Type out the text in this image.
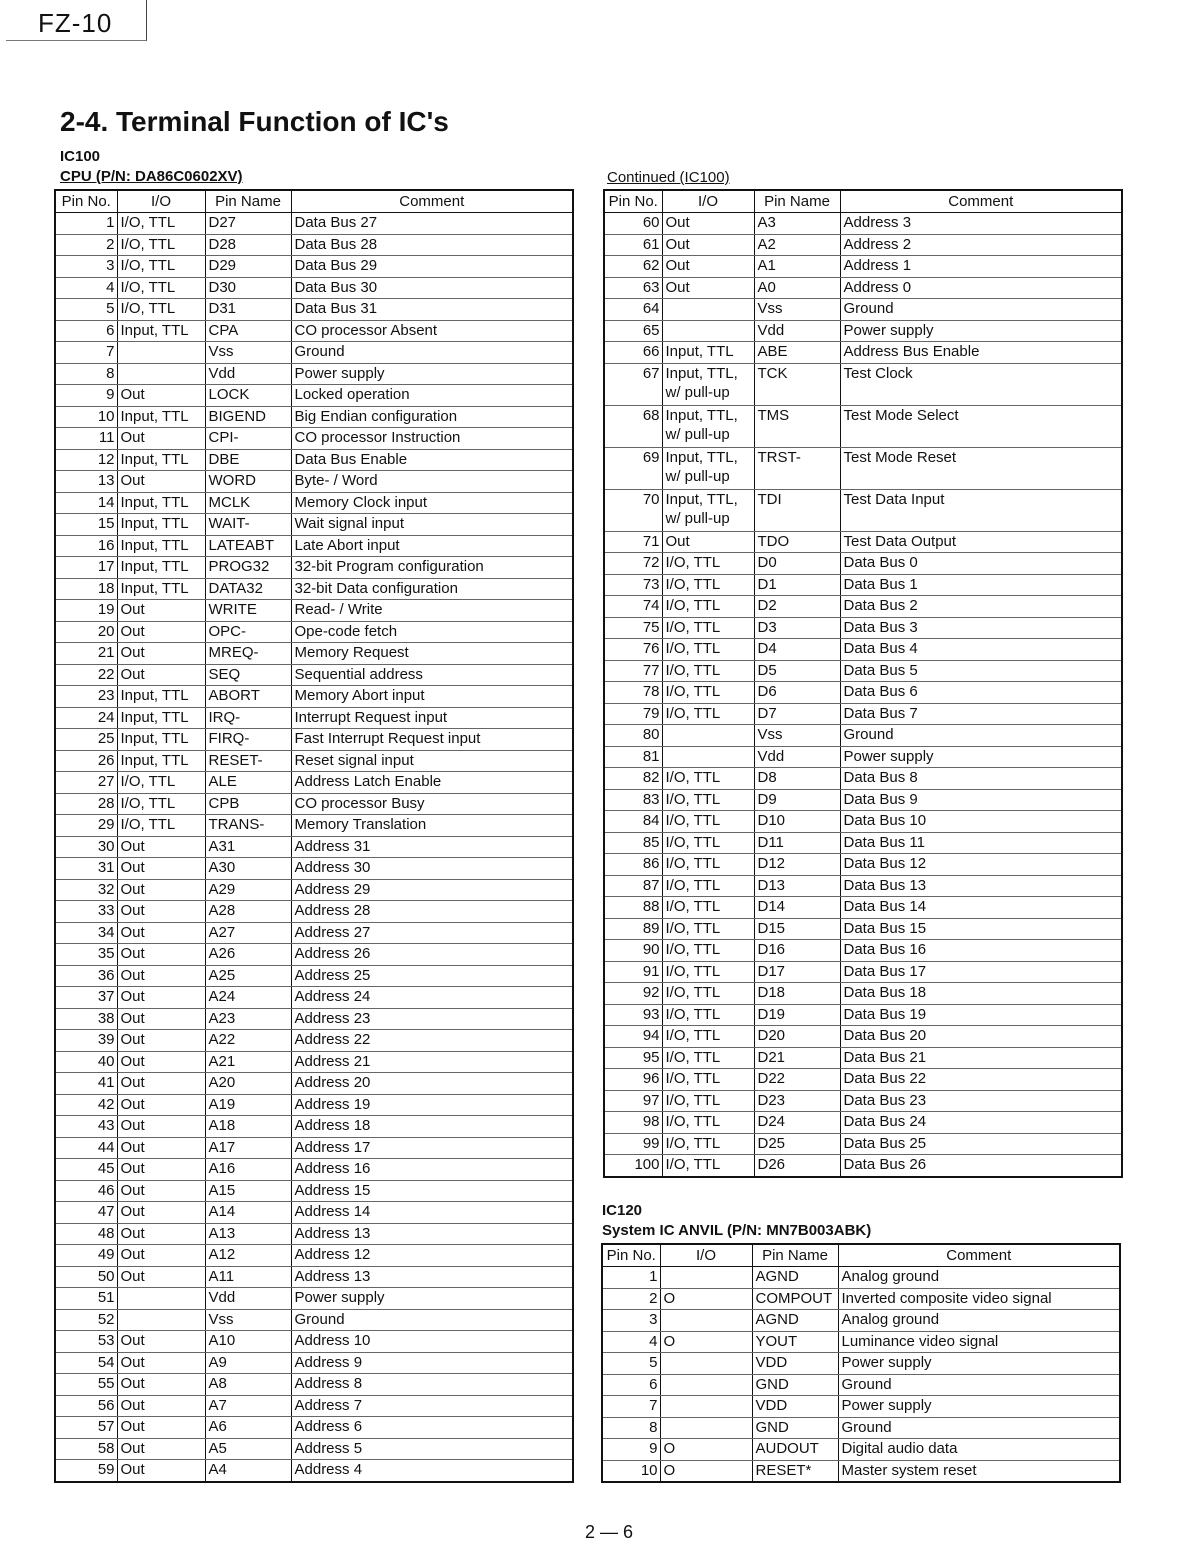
FZ-10
2-4. Terminal Function of IC's
IC100
CPU (P/N: DA86C0602XV)	Continued (IC100)
Pin No.	I/O	Pin Name	Comment
1	I/O, TTL	D27	Data Bus 27
2	I/O, TTL	D28	Data Bus 28
3	I/O, TTL	D29	Data Bus 29
4	I/O, TTL	D30	Data Bus 30
5	I/O, TTL	D31	Data Bus 31
6	Input, TTL	CPA	CO processor Absent
7		Vss	Ground
8		Vdd	Power supply
9	Out	LOCK	Locked operation
10	Input, TTL	BIGEND	Big Endian configuration
11	Out	CPI-	CO processor Instruction
12	Input, TTL	DBE	Data Bus Enable
13	Out	WORD	Byte- / Word
14	Input, TTL	MCLK	Memory Clock input
15	Input, TTL	WAIT-	Wait signal input
16	Input, TTL	LATEABT	Late Abort input
17	Input, TTL	PROG32	32-bit Program configuration
18	Input, TTL	DATA32	32-bit Data configuration
19	Out	WRITE	Read- / Write
20	Out	OPC-	Ope-code fetch
21	Out	MREQ-	Memory Request
22	Out	SEQ	Sequential address
23	Input, TTL	ABORT	Memory Abort input
24	Input, TTL	IRQ-	Interrupt Request input
25	Input, TTL	FIRQ-	Fast Interrupt Request input
26	Input, TTL	RESET-	Reset signal input
27	I/O, TTL	ALE	Address Latch Enable
28	I/O, TTL	CPB	CO processor Busy
29	I/O, TTL	TRANS-	Memory Translation
30	Out	A31	Address 31
31	Out	A30	Address 30
32	Out	A29	Address 29
33	Out	A28	Address 28
34	Out	A27	Address 27
35	Out	A26	Address 26
36	Out	A25	Address 25
37	Out	A24	Address 24
38	Out	A23	Address 23
39	Out	A22	Address 22
40	Out	A21	Address 21
41	Out	A20	Address 20
42	Out	A19	Address 19
43	Out	A18	Address 18
44	Out	A17	Address 17
45	Out	A16	Address 16
46	Out	A15	Address 15
47	Out	A14	Address 14
48	Out	A13	Address 13
49	Out	A12	Address 12
50	Out	A11	Address 13
51		Vdd	Power supply
52		Vss	Ground
53	Out	A10	Address 10
54	Out	A9	Address 9
55	Out	A8	Address 8
56	Out	A7	Address 7
57	Out	A6	Address 6
58	Out	A5	Address 5
59	Out	A4	Address 4
Pin No.	I/O	Pin Name	Comment
60	Out	A3	Address 3
61	Out	A2	Address 2
62	Out	A1	Address 1
63	Out	A0	Address 0
64		Vss	Ground
65		Vdd	Power supply
66	Input, TTL	ABE	Address Bus Enable
67	Input, TTL,
w/ pull-up	TCK	Test Clock
68	Input, TTL,
w/ pull-up	TMS	Test Mode Select
69	Input, TTL,
w/ pull-up	TRST-	Test Mode Reset
70	Input, TTL,
w/ pull-up	TDI	Test Data Input
71	Out	TDO	Test Data Output
72	I/O, TTL	D0	Data Bus 0
73	I/O, TTL	D1	Data Bus 1
74	I/O, TTL	D2	Data Bus 2
75	I/O, TTL	D3	Data Bus 3
76	I/O, TTL	D4	Data Bus 4
77	I/O, TTL	D5	Data Bus 5
78	I/O, TTL	D6	Data Bus 6
79	I/O, TTL	D7	Data Bus 7
80		Vss	Ground
81		Vdd	Power supply
82	I/O, TTL	D8	Data Bus 8
83	I/O, TTL	D9	Data Bus 9
84	I/O, TTL	D10	Data Bus 10
85	I/O, TTL	D11	Data Bus 11
86	I/O, TTL	D12	Data Bus 12
87	I/O, TTL	D13	Data Bus 13
88	I/O, TTL	D14	Data Bus 14
89	I/O, TTL	D15	Data Bus 15
90	I/O, TTL	D16	Data Bus 16
91	I/O, TTL	D17	Data Bus 17
92	I/O, TTL	D18	Data Bus 18
93	I/O, TTL	D19	Data Bus 19
94	I/O, TTL	D20	Data Bus 20
95	I/O, TTL	D21	Data Bus 21
96	I/O, TTL	D22	Data Bus 22
97	I/O, TTL	D23	Data Bus 23
98	I/O, TTL	D24	Data Bus 24
99	I/O, TTL	D25	Data Bus 25
100	I/O, TTL	D26	Data Bus 26
IC120
System IC ANVIL (P/N: MN7B003ABK)
Pin No.	I/O	Pin Name	Comment
1		AGND	Analog ground
2	O	COMPOUT	Inverted composite video signal
3		AGND	Analog ground
4	O	YOUT	Luminance video signal
5		VDD	Power supply
6		GND	Ground
7		VDD	Power supply
8		GND	Ground
9	O	AUDOUT	Digital audio data
10	O	RESET*	Master system reset
2 — 6
